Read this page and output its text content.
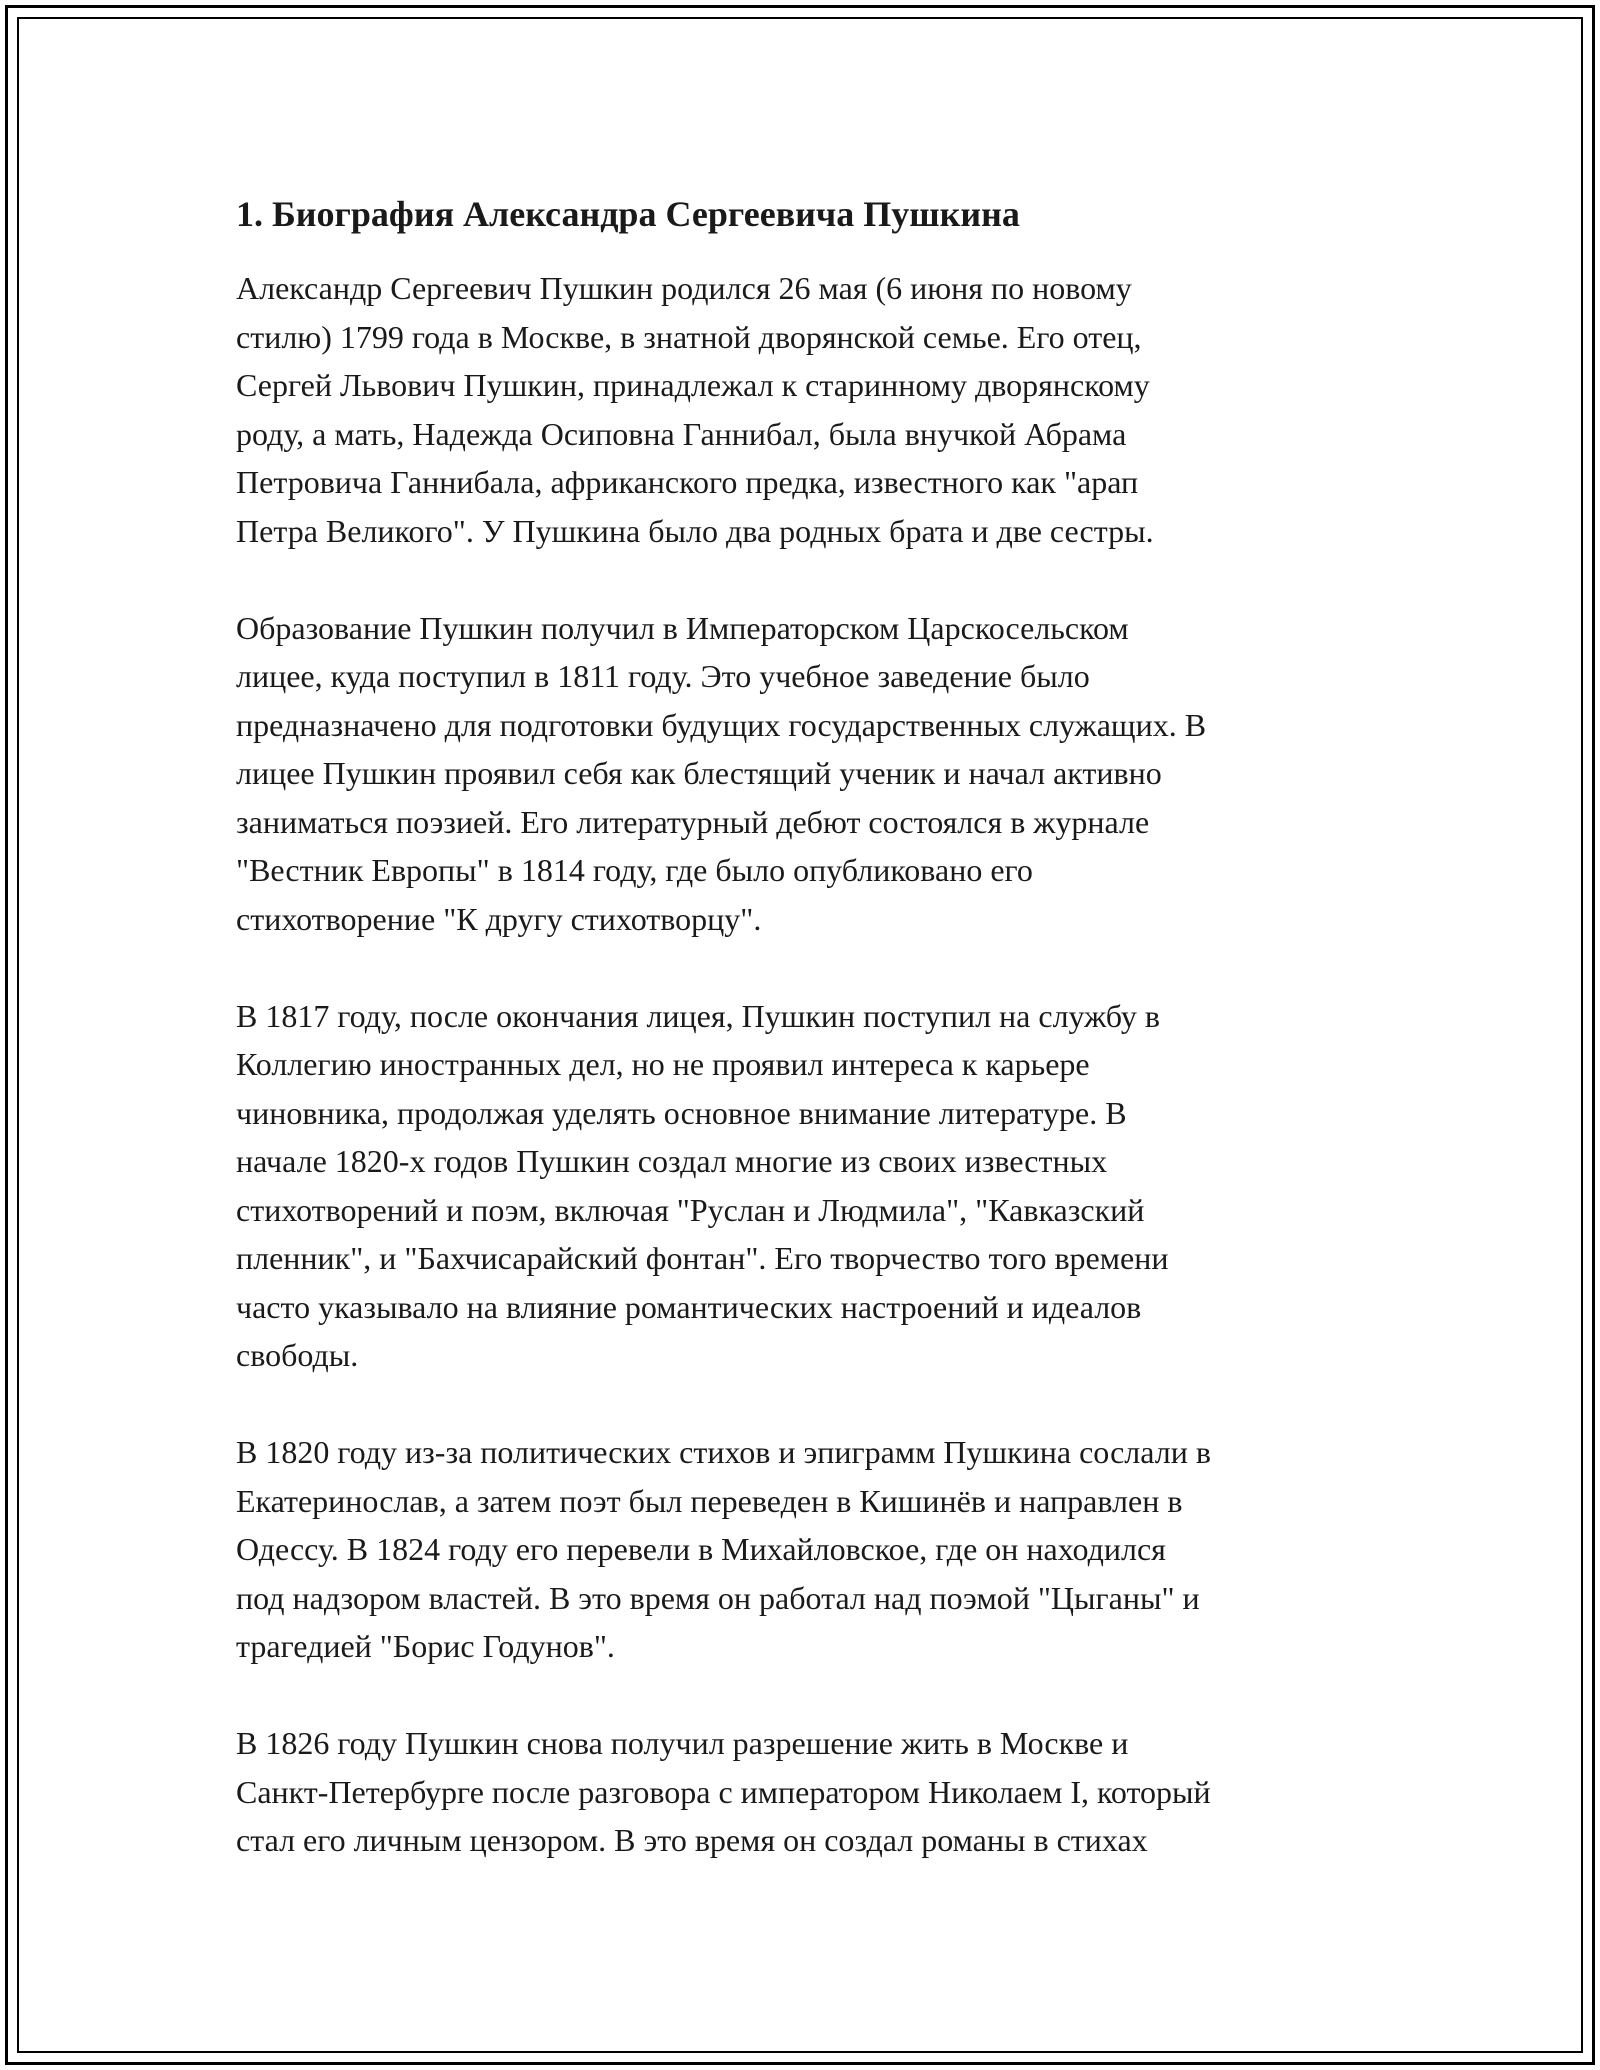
1. Биография Александра Сергеевича Пушкина

Александр Сергеевич Пушкин родился 26 мая (6 июня по новому
стилю) 1799 года в Москве, в знатной дворянской семье. Его отец,
Сергей Львович Пушкин, принадлежал к старинному дворянскому
роду, а мать, Надежда Осиповна Ганнибал, была внучкой Абрама
Петровича Ганнибала, африканского предка, известного как "арап
Петра Великого". У Пушкина было два родных брата и две сестры.

Образование Пушкин получил в Императорском Царскосельском
лицее, куда поступил в 1811 году. Это учебное заведение было
предназначено для подготовки будущих государственных служащих. В
лицее Пушкин проявил себя как блестящий ученик и начал активно
заниматься поэзией. Его литературный дебют состоялся в журнале
"Вестник Европы" в 1814 году, где было опубликовано его
стихотворение "К другу стихотворцу".

В 1817 году, после окончания лицея, Пушкин поступил на службу в
Коллегию иностранных дел, но не проявил интереса к карьере
чиновника, продолжая уделять основное внимание литературе. В
начале 1820-х годов Пушкин создал многие из своих известных
стихотворений и поэм, включая "Руслан и Людмила", "Кавказский
пленник", и "Бахчисарайский фонтан". Его творчество того времени
часто указывало на влияние романтических настроений и идеалов
свободы.

В 1820 году из-за политических стихов и эпиграмм Пушкина сослали в
Екатеринослав, а затем поэт был переведен в Кишинёв и направлен в
Одессу. В 1824 году его перевели в Михайловское, где он находился
под надзором властей. В это время он работал над поэмой "Цыганы" и
трагедией "Борис Годунов".

В 1826 году Пушкин снова получил разрешение жить в Москве и
Санкт-Петербурге после разговора с императором Николаем I, который
стал его личным цензором. В это время он создал романы в стихах
